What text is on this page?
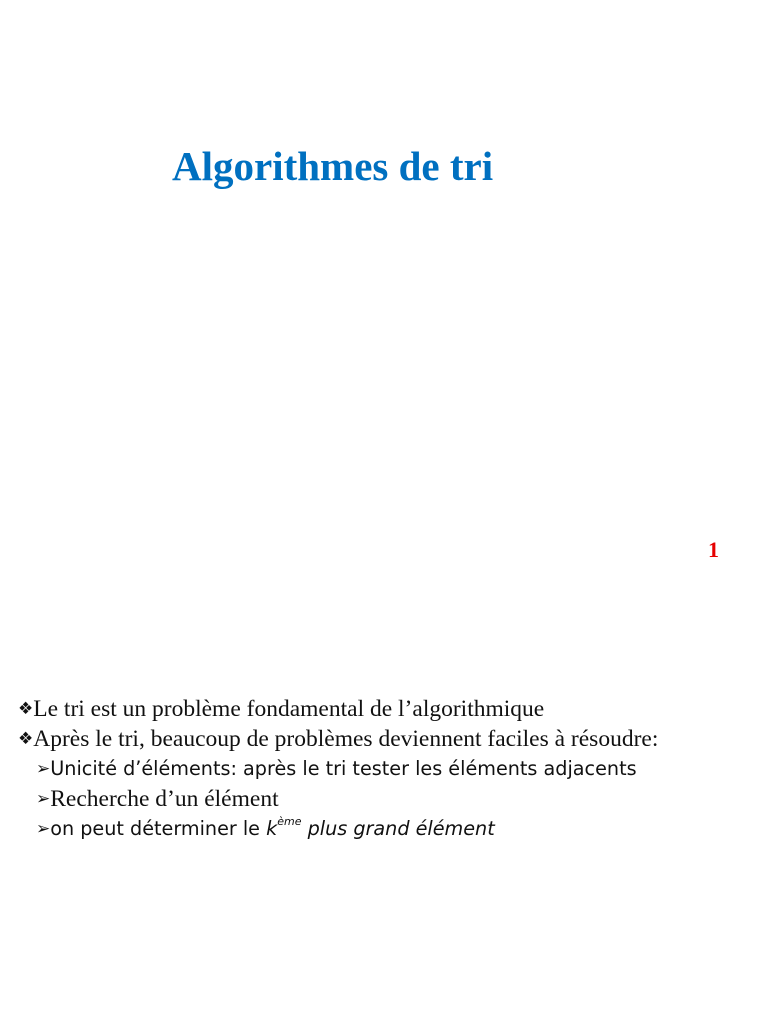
Algorithmes de tri
1
❖Le tri est un problème fondamental de l’algorithmique
❖Après le tri, beaucoup de problèmes deviennent faciles à résoudre:
➢Unicité d’éléments: après le tri tester les éléments adjacents
➢Recherche d’un élément
➢on peut déterminer le $k^{ème}$ plus grand élément
